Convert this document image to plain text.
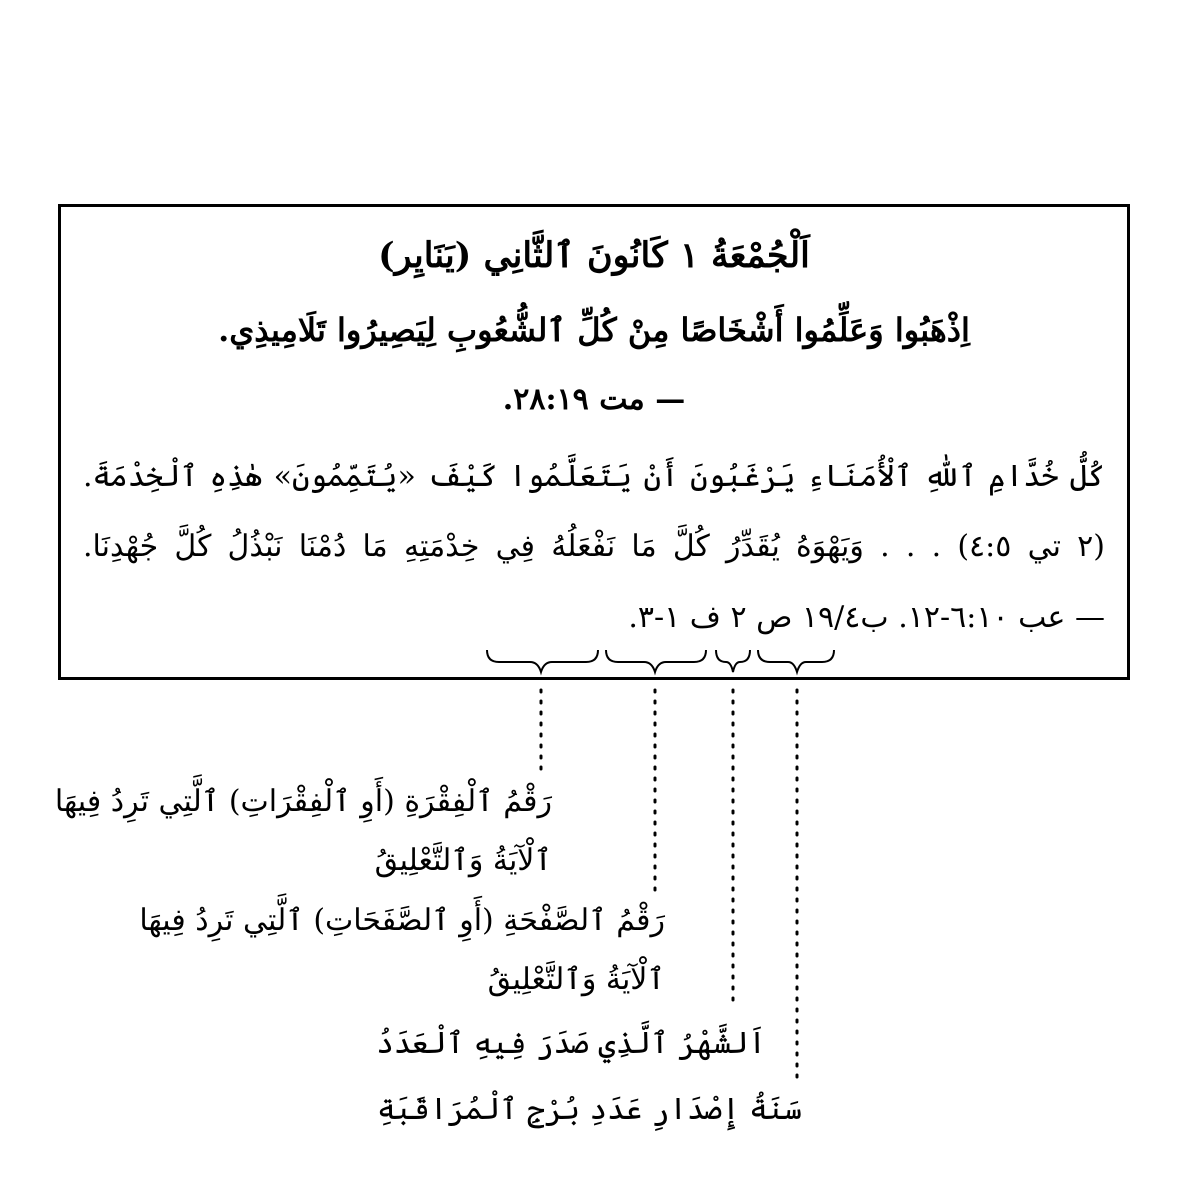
اَلْجُمْعَةُ ١ كَانُونَ ٱلثَّانِي (يَنَايِر)
اِذْهَبُوا وَعَلِّمُوا أَشْخَاصًا مِنْ كُلِّ ٱلشُّعُوبِ لِيَصِيرُوا تَلَامِيذِي.
— مت ٢٨:١٩.
كُلُّ خُدَّامِ ٱللّٰهِ ٱلْأُمَنَاءِ يَرْغَبُونَ أَنْ يَتَعَلَّمُوا كَيْفَ «يُتَمِّمُونَ» هٰذِهِ ٱلْخِدْمَةَ.
(٢ تي ٤:٥) . . . وَيَهْوَهُ يُقَدِّرُ كُلَّ مَا نَفْعَلُهُ فِي خِدْمَتِهِ مَا دُمْنَا نَبْذُلُ كُلَّ جُهْدِنَا.
— عب ٦:١٠-١٢. ب١٩/٤ ص ٢ ف ١-٣.
رَقْمُ ٱلْفِقْرَةِ (أَوِ ٱلْفِقْرَاتِ) ٱلَّتِي تَرِدُ فِيهَا
ٱلْآيَةُ وَٱلتَّعْلِيقُ
رَقْمُ ٱلصَّفْحَةِ (أَوِ ٱلصَّفَحَاتِ) ٱلَّتِي تَرِدُ فِيهَا
ٱلْآيَةُ وَٱلتَّعْلِيقُ
اَلشَّهْرُ ٱلَّذِي صَدَرَ فِيهِ ٱلْعَدَدُ
سَنَةُ إِصْدَارِ عَدَدِ بُرْجِ ٱلْمُرَاقَبَةِ
